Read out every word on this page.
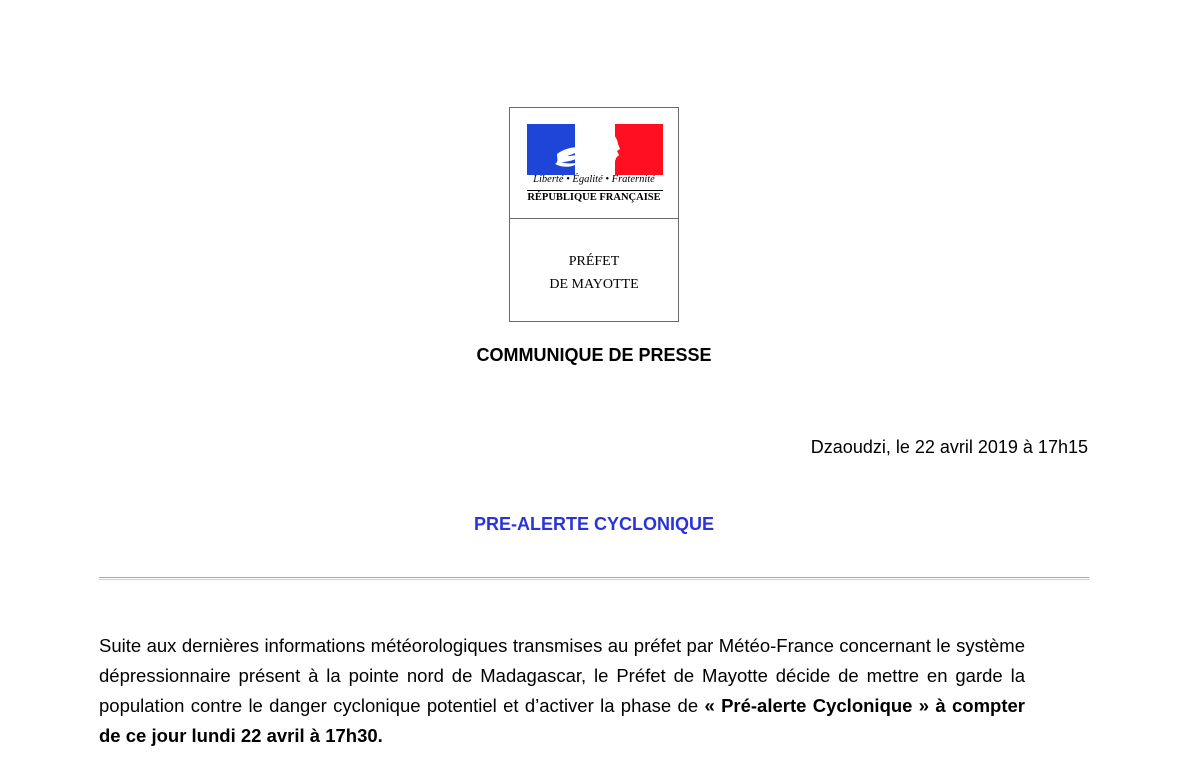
Liberté • Égalité • Fraternité
RÉPUBLIQUE FRANÇAISE
PRÉFET
DE MAYOTTE
COMMUNIQUE DE PRESSE
Dzaoudzi, le 22 avril 2019 à 17h15
PRE-ALERTE CYCLONIQUE

Suite aux dernières informations météorologiques transmises au préfet par Météo-France concernant le système dépressionnaire présent à la pointe nord de Madagascar, le Préfet de Mayotte décide de mettre en garde la population contre le danger cyclonique potentiel et d’activer la phase de « Pré-alerte Cyclonique » à compter de ce jour lundi 22 avril à 17h30.
